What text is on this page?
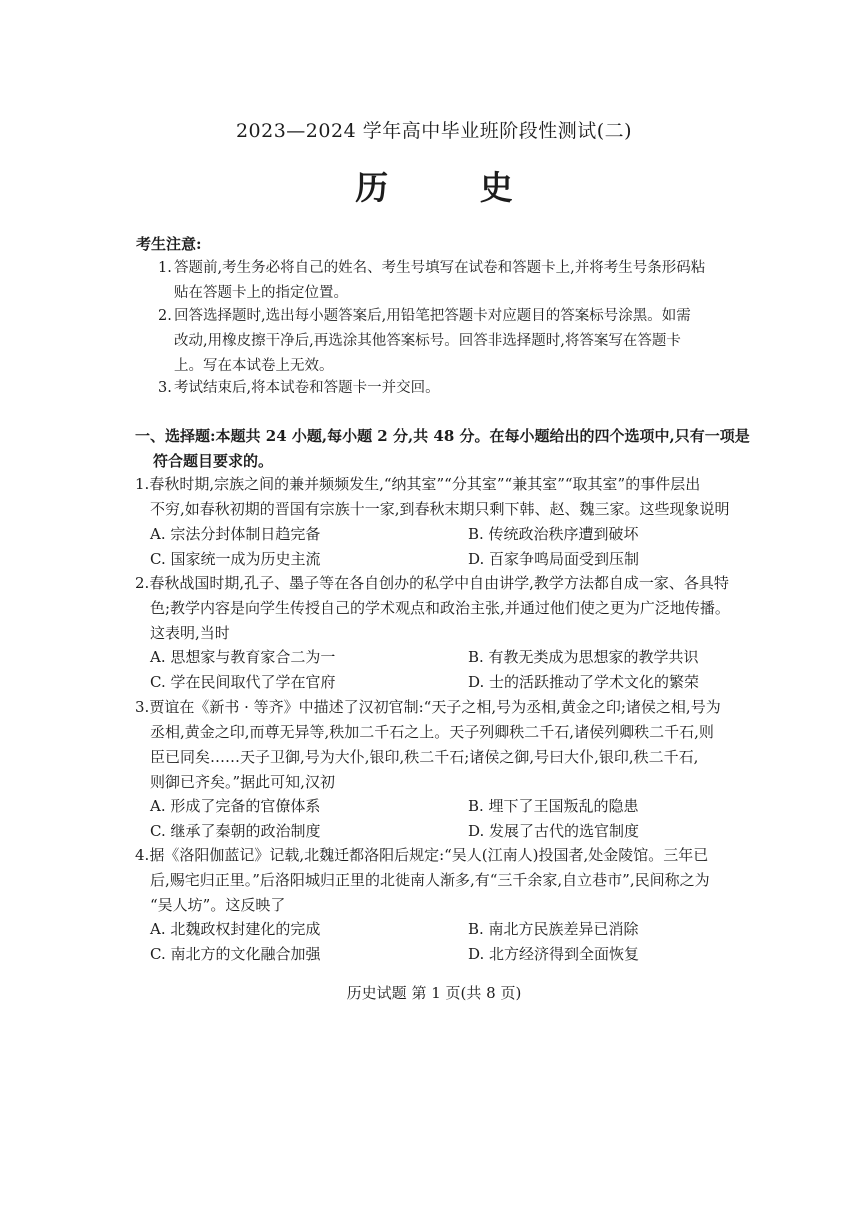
2023—2024 学年高中毕业班阶段性测试(二)
历 史
考生注意:
1. 答题前,考生务必将自己的姓名、考生号填写在试卷和答题卡上,并将考生号条形码粘
贴在答题卡上的指定位置。
2. 回答选择题时,选出每小题答案后,用铅笔把答题卡对应题目的答案标号涂黑。如需
改动,用橡皮擦干净后,再选涂其他答案标号。回答非选择题时,将答案写在答题卡
上。写在本试卷上无效。
3. 考试结束后,将本试卷和答题卡一并交回。
一、选择题:本题共 24 小题,每小题 2 分,共 48 分。在每小题给出的四个选项中,只有一项是
符合题目要求的。
1.春秋时期,宗族之间的兼并频频发生,“纳其室”“分其室”“兼其室”“取其室”的事件层出
不穷,如春秋初期的晋国有宗族十一家,到春秋末期只剩下韩、赵、魏三家。这些现象说明
A. 宗法分封体制日趋完备	B. 传统政治秩序遭到破坏
C. 国家统一成为历史主流	D. 百家争鸣局面受到压制
2.春秋战国时期,孔子、墨子等在各自创办的私学中自由讲学,教学方法都自成一家、各具特
色;教学内容是向学生传授自己的学术观点和政治主张,并通过他们使之更为广泛地传播。
这表明,当时
A. 思想家与教育家合二为一	B. 有教无类成为思想家的教学共识
C. 学在民间取代了学在官府	D. 士的活跃推动了学术文化的繁荣
3.贾谊在《新书 · 等齐》中描述了汉初官制:“天子之相,号为丞相,黄金之印;诸侯之相,号为
丞相,黄金之印,而尊无异等,秩加二千石之上。天子列卿秩二千石,诸侯列卿秩二千石,则
臣已同矣……天子卫御,号为大仆,银印,秩二千石;诸侯之御,号曰大仆,银印,秩二千石,
则御已齐矣。”据此可知,汉初
A. 形成了完备的官僚体系	B. 埋下了王国叛乱的隐患
C. 继承了秦朝的政治制度	D. 发展了古代的选官制度
4.据《洛阳伽蓝记》记载,北魏迁都洛阳后规定:“吴人(江南人)投国者,处金陵馆。三年已
后,赐宅归正里。”后洛阳城归正里的北徙南人渐多,有“三千余家,自立巷市”,民间称之为
“吴人坊”。这反映了
A. 北魏政权封建化的完成	B. 南北方民族差异已消除
C. 南北方的文化融合加强	D. 北方经济得到全面恢复
历史试题 第 1 页(共 8 页)
